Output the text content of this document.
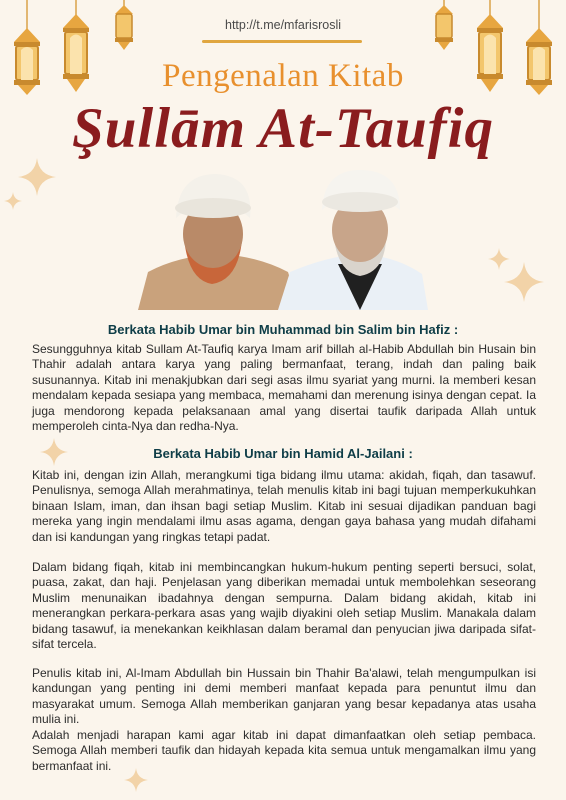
http://t.me/mfarisrosli
Pengenalan Kitab
Şullām At-Taufiq
Berkata Habib Umar bin Muhammad bin Salim bin Hafiz :
Sesungguhnya kitab Sullam At-Taufiq karya Imam arif billah al-Habib Abdullah bin Husain bin Thahir adalah antara karya yang paling bermanfaat, terang, indah dan paling baik susunannya. Kitab ini menakjubkan dari segi asas ilmu syariat yang murni. Ia memberi kesan mendalam kepada sesiapa yang membaca, memahami dan merenung isinya dengan cepat. Ia juga mendorong kepada pelaksanaan amal yang disertai taufik daripada Allah untuk memperoleh cinta-Nya dan redha-Nya.
Berkata Habib Umar bin Hamid Al-Jailani :
Kitab ini, dengan izin Allah, merangkumi tiga bidang ilmu utama: akidah, fiqah, dan tasawuf. Penulisnya, semoga Allah merahmatinya, telah menulis kitab ini bagi tujuan memperkukuhkan binaan Islam, iman, dan ihsan bagi setiap Muslim. Kitab ini sesuai dijadikan panduan bagi mereka yang ingin mendalami ilmu asas agama, dengan gaya bahasa yang mudah difahami dan isi kandungan yang ringkas tetapi padat.
Dalam bidang fiqah, kitab ini membincangkan hukum-hukum penting seperti bersuci, solat, puasa, zakat, dan haji. Penjelasan yang diberikan memadai untuk membolehkan seseorang Muslim menunaikan ibadahnya dengan sempurna. Dalam bidang akidah, kitab ini menerangkan perkara-perkara asas yang wajib diyakini oleh setiap Muslim. Manakala dalam bidang tasawuf, ia menekankan keikhlasan dalam beramal dan penyucian jiwa daripada sifat-sifat tercela.
Penulis kitab ini, Al-Imam Abdullah bin Hussain bin Thahir Ba'alawi, telah mengumpulkan isi kandungan yang penting ini demi memberi manfaat kepada para penuntut ilmu dan masyarakat umum. Semoga Allah memberikan ganjaran yang besar kepadanya atas usaha mulia ini.
Adalah menjadi harapan kami agar kitab ini dapat dimanfaatkan oleh setiap pembaca. Semoga Allah memberi taufik dan hidayah kepada kita semua untuk mengamalkan ilmu yang bermanfaat ini.
